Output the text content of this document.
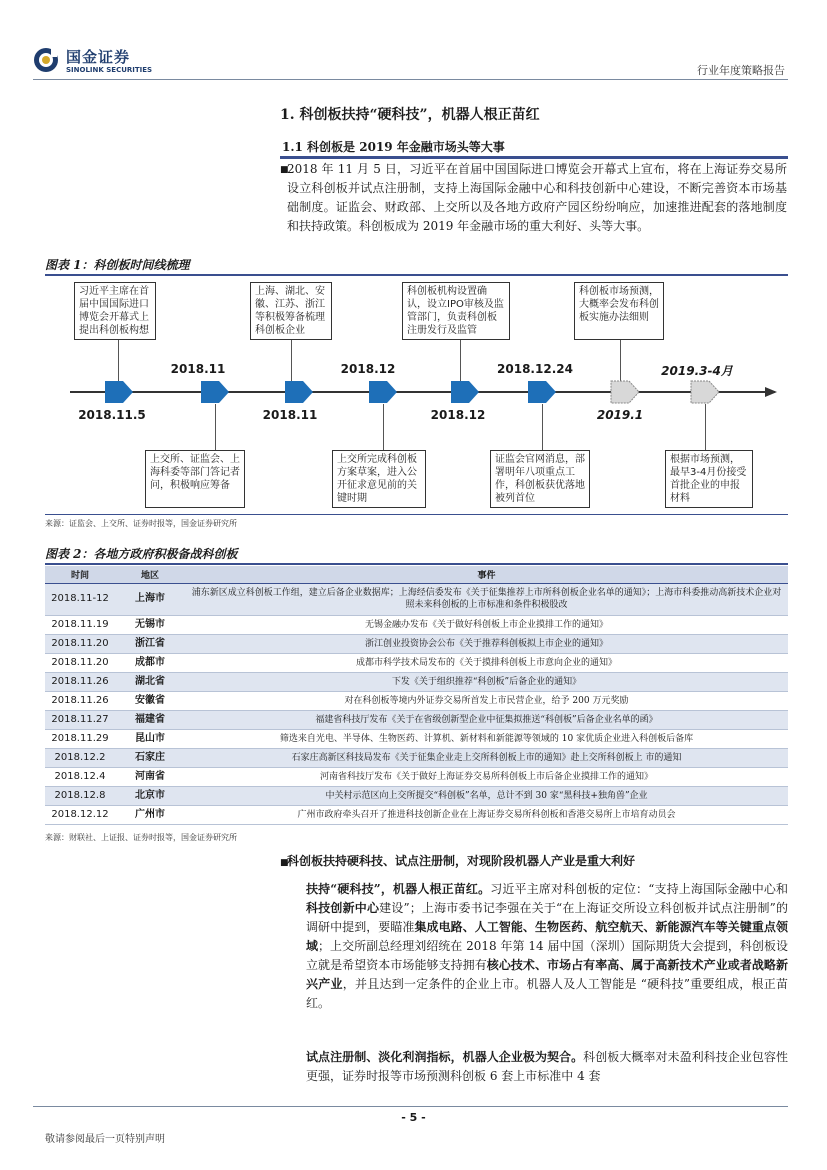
国金证券
SINOLINK SECURITIES	行业年度策略报告
1. 科创板扶持“硬科技”，机器人根正苗红
1.1 科创板是 2019 年金融市场头等大事
■
2018 年 11 月 5 日，习近平在首届中国国际进口博览会开幕式上宣布，将在上海证券交易所设立科创板并试点注册制，支持上海国际金融中心和科技创新中心建设，不断完善资本市场基础制度。证监会、财政部、上交所以及各地方政府产园区纷纷响应，加速推进配套的落地制度和扶持政策。科创板成为 2019 年金融市场的重大利好、头等大事。
图表 1：科创板时间线梳理
习近平主席在首届中国国际进口博览会开幕式上提出科创板构想
上海、湖北、安徽、江苏、浙江等积极筹备梳理科创板企业
科创板机构设置确认，设立IPO审核及监管部门，负责科创板注册发行及监管
科创板市场预测，大概率会发布科创板实施办法细则
2018.11	2018.12	2018.12.24	2019.3-4月
2018.11.5	2018.11	2018.12	2019.1
上交所、证监会、上海科委等部门答记者问，积极响应筹备
上交所完成科创板方案草案，进入公开征求意见前的关键时期
证监会官网消息，部署明年八项重点工作，科创板获优落地被列首位
根据市场预测，最早3-4月份接受首批企业的申报材料
来源：证监会、上交所、证券时报等，国金证券研究所
图表 2：各地方政府积极备战科创板
时间	地区	事件
2018.11-12	上海市	浦东新区成立科创板工作组，建立后备企业数据库；上海经信委发布《关于征集推荐上市所科创板企业名单的通知》；上海市科委推动高新技术企业对照未来科创板的上市标准和条件积极股改
2018.11.19	无锡市	无锡金融办发布《关于做好科创板上市企业摸排工作的通知》
2018.11.20	浙江省	浙江创业投资协会公布《关于推荐科创板拟上市企业的通知》
2018.11.20	成都市	成都市科学技术局发布的《关于摸排科创板上市意向企业的通知》
2018.11.26	湖北省	下发《关于组织推荐“科创板”后备企业的通知》
2018.11.26	安徽省	对在科创板等境内外证券交易所首发上市民营企业，给予 200 万元奖励
2018.11.27	福建省	福建省科技厅发布《关于在省级创新型企业中征集拟推送“科创板”后备企业名单的函》
2018.11.29	昆山市	筛选来自光电、半导体、生物医药、计算机、新材料和新能源等领域的 10 家优质企业进入科创板后备库
2018.12.2	石家庄	石家庄高新区科技局发布《关于征集企业走上交所科创板上市的通知》赴上交所科创板上 市的通知
2018.12.4	河南省	河南省科技厅发布《关于做好上海证券交易所科创板上市后备企业摸排工作的通知》
2018.12.8	北京市	中关村示范区向上交所提交“科创板”名单，总计不到 30 家“黑科技+独角兽”企业
2018.12.12	广州市	广州市政府牵头召开了推进科技创新企业在上海证券交易所科创板和香港交易所上市培育动员会
来源：财联社、上证报、证券时报等，国金证券研究所
■
科创板扶持硬科技、试点注册制，对现阶段机器人产业是重大利好
扶持“硬科技”，机器人根正苗红。习近平主席对科创板的定位：“支持上海国际金融中心和科技创新中心建设”；上海市委书记李强在关于“在上海证交所设立科创板并试点注册制”的调研中提到，要瞄准集成电路、人工智能、生物医药、航空航天、新能源汽车等关键重点领域；上交所副总经理刘绍统在 2018 年第 14 届中国（深圳）国际期货大会提到，科创板设立就是希望资本市场能够支持拥有核心技术、市场占有率高、属于高新技术产业或者战略新兴产业，并且达到一定条件的企业上市。机器人及人工智能是 “硬科技”重要组成，根正苗红。
试点注册制、淡化利润指标，机器人企业极为契合。科创板大概率对未盈利科技企业包容性更强，证券时报等市场预测科创板 6 套上市标准中 4 套
- 5 -
敬请参阅最后一页特别声明
